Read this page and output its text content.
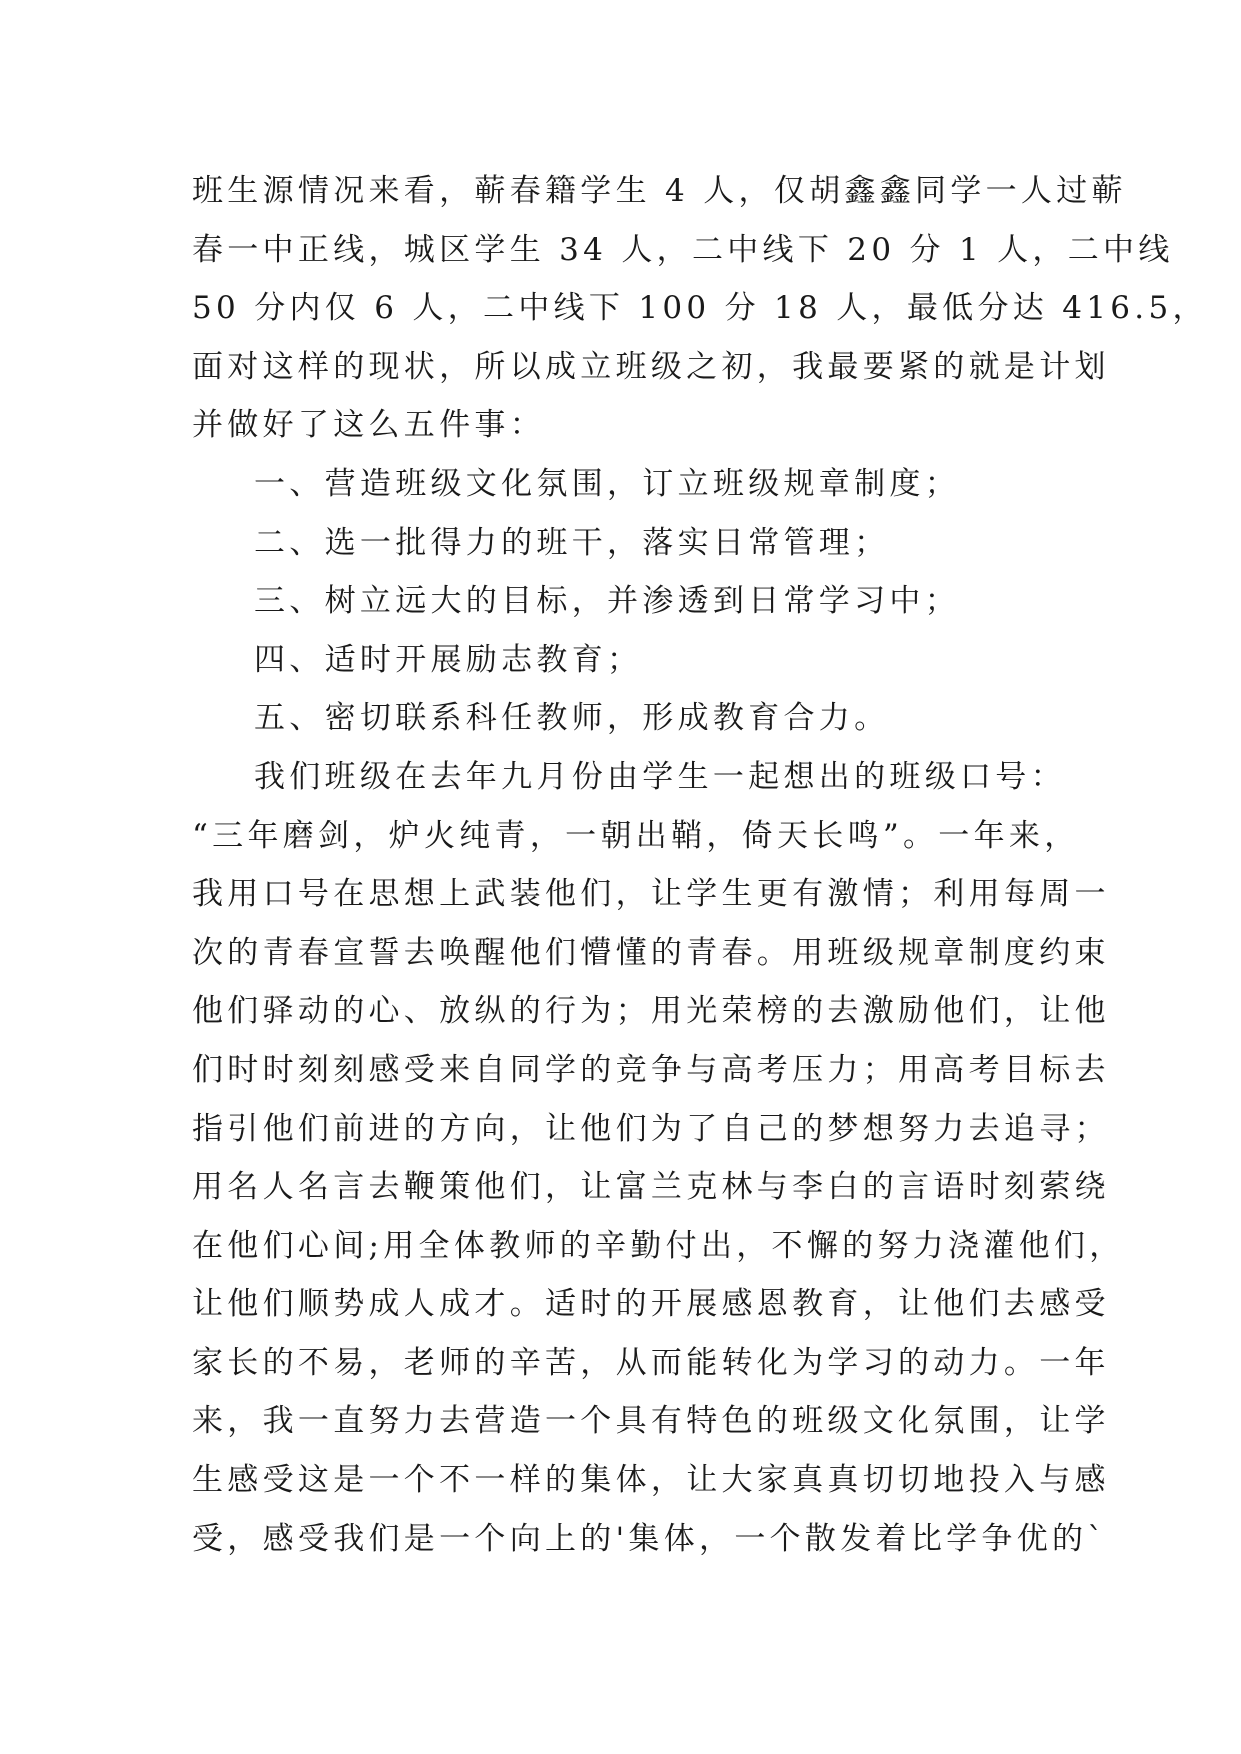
班生源情况来看，蕲春籍学生 4 人，仅胡鑫鑫同学一人过蕲
春一中正线，城区学生 34 人，二中线下 20 分 1 人，二中线
50 分内仅 6 人，二中线下 100 分 18 人，最低分达 416.5，
面对这样的现状，所以成立班级之初，我最要紧的就是计划
并做好了这么五件事：
一、营造班级文化氛围，订立班级规章制度；
二、选一批得力的班干，落实日常管理；
三、树立远大的目标，并渗透到日常学习中；
四、适时开展励志教育；
五、密切联系科任教师，形成教育合力。
我们班级在去年九月份由学生一起想出的班级口号：
“三年磨剑，炉火纯青，一朝出鞘，倚天长鸣”。一年来，
我用口号在思想上武装他们，让学生更有激情；利用每周一
次的青春宣誓去唤醒他们懵懂的青春。用班级规章制度约束
他们驿动的心、放纵的行为；用光荣榜的去激励他们，让他
们时时刻刻感受来自同学的竞争与高考压力；用高考目标去
指引他们前进的方向，让他们为了自己的梦想努力去追寻；
用名人名言去鞭策他们，让富兰克林与李白的言语时刻萦绕
在他们心间;用全体教师的辛勤付出，不懈的努力浇灌他们，
让他们顺势成人成才。适时的开展感恩教育，让他们去感受
家长的不易，老师的辛苦，从而能转化为学习的动力。一年
来，我一直努力去营造一个具有特色的班级文化氛围，让学
生感受这是一个不一样的集体，让大家真真切切地投入与感
受，感受我们是一个向上的'集体，一个散发着比学争优的`
